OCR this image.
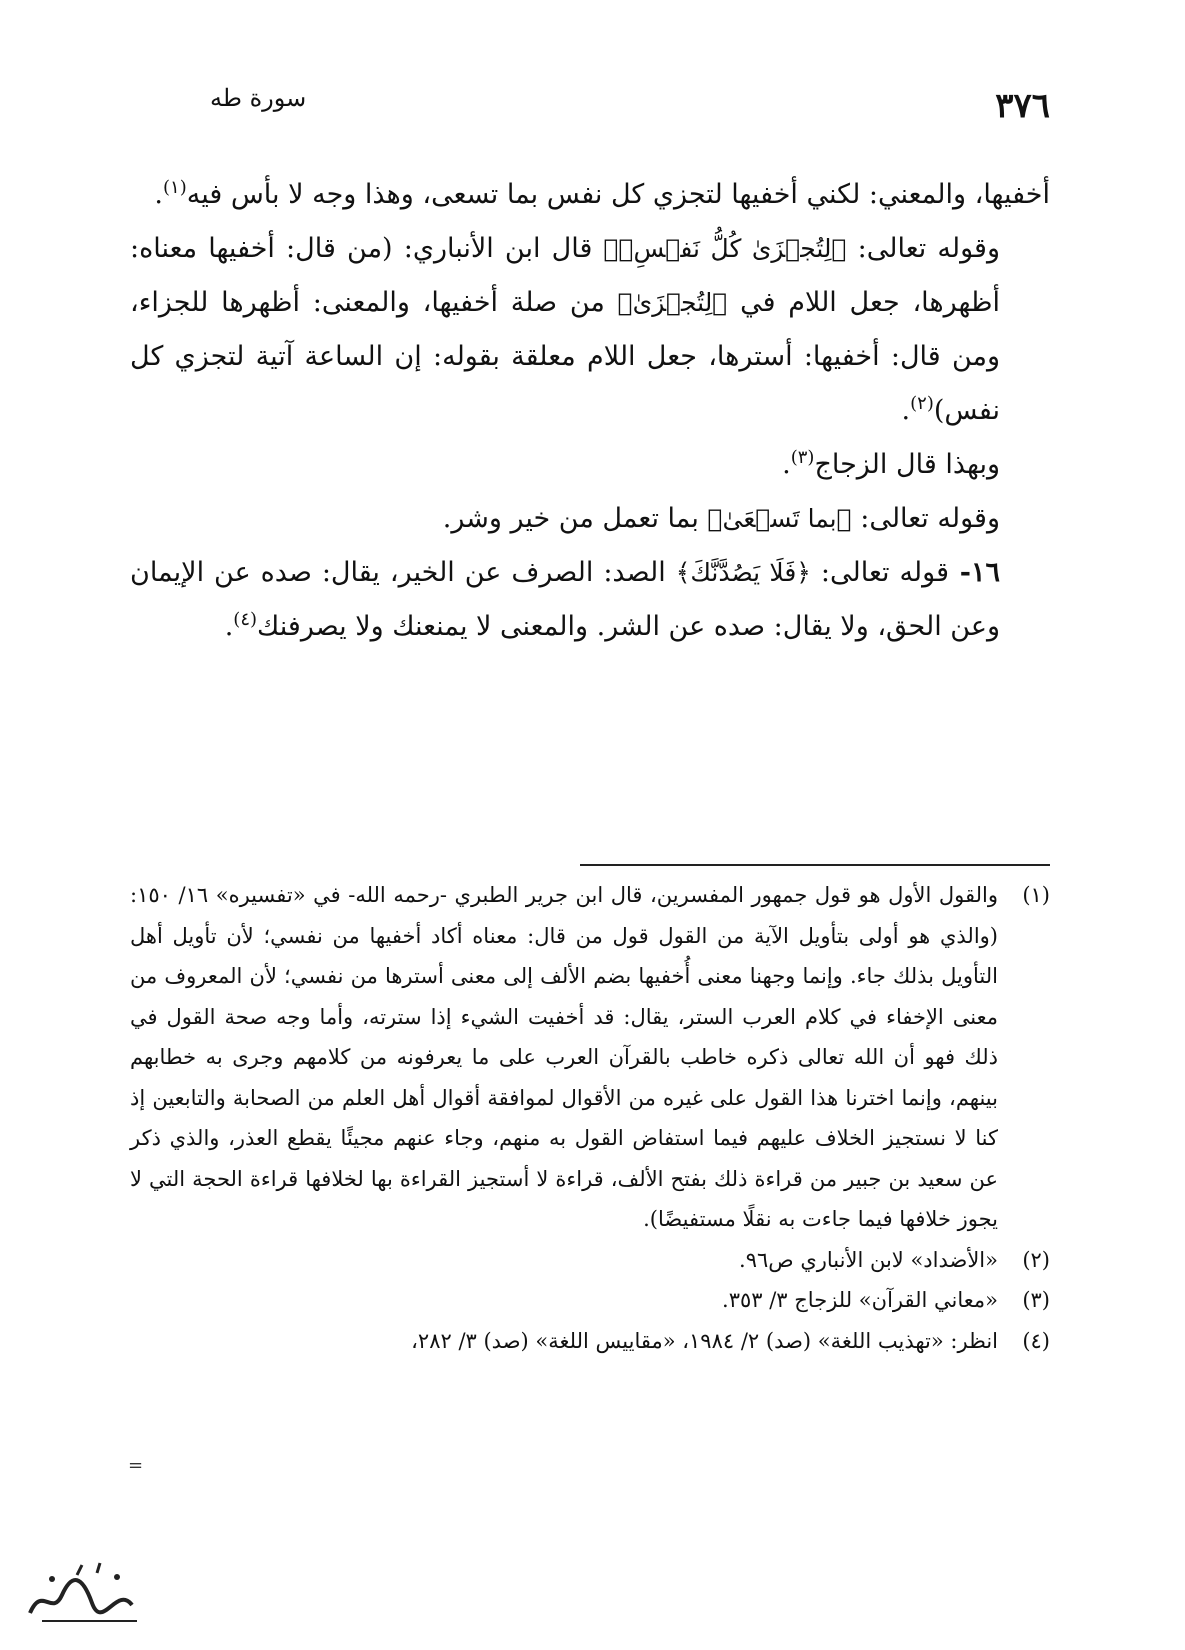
٣٧٦
سورة طه

أخفيها، والمعني: لكني أخفيها لتجزي كل نفس بما تسعى، وهذا وجه لا بأس فيه$^{(١)}$.

وقوله تعالى: ﴿لِتُجۡزَىٰ كُلُّ نَفۡسِۭ﴾ قال ابن الأنباري: (من قال: أخفيها معناه: أظهرها، جعل اللام في ﴿لِتُجۡزَىٰ﴾ من صلة أخفيها، والمعنى: أظهرها للجزاء، ومن قال: أخفيها: أسترها، جعل اللام معلقة بقوله: إن الساعة آتية لتجزي كل نفس)$^{(٢)}$.

وبهذا قال الزجاج$^{(٣)}$.

وقوله تعالى: ﴿بما تَسۡعَىٰ﴾ بما تعمل من خير وشر.

١٦- قوله تعالى: ﴿فَلَا يَصُدَّنَّكَ﴾ الصد: الصرف عن الخير، يقال: صده عن الإيمان وعن الحق، ولا يقال: صده عن الشر. والمعنى لا يمنعنك ولا يصرفنك$^{(٤)}$.

(١)
والقول الأول هو قول جمهور المفسرين، قال ابن جرير الطبري -رحمه الله- في «تفسيره» ١٦/ ١٥٠: (والذي هو أولى بتأويل الآية من القول قول من قال: معناه أكاد أخفيها من نفسي؛ لأن تأويل أهل التأويل بذلك جاء. وإنما وجهنا معنى أُخفيها بضم الألف إلى معنى أسترها من نفسي؛ لأن المعروف من معنى الإخفاء في كلام العرب الستر، يقال: قد أخفيت الشيء إذا سترته، وأما وجه صحة القول في ذلك فهو أن الله تعالى ذكره خاطب بالقرآن العرب على ما يعرفونه من كلامهم وجرى به خطابهم بينهم، وإنما اخترنا هذا القول على غيره من الأقوال لموافقة أقوال أهل العلم من الصحابة والتابعين إذ كنا لا نستجيز الخلاف عليهم فيما استفاض القول به منهم، وجاء عنهم مجيئًا يقطع العذر، والذي ذكر عن سعيد بن جبير من قراءة ذلك بفتح الألف، قراءة لا أستجيز القراءة بها لخلافها قراءة الحجة التي لا يجوز خلافها فيما جاءت به نقلًا مستفيضًا).

(٢)
«الأضداد» لابن الأنباري ص٩٦.

(٣)
«معاني القرآن» للزجاج ٣/ ٣٥٣.

(٤)
انظر: «تهذيب اللغة» (صد) ٢/ ١٩٨٤، «مقاييس اللغة» (صد) ٣/ ٢٨٢،

=
